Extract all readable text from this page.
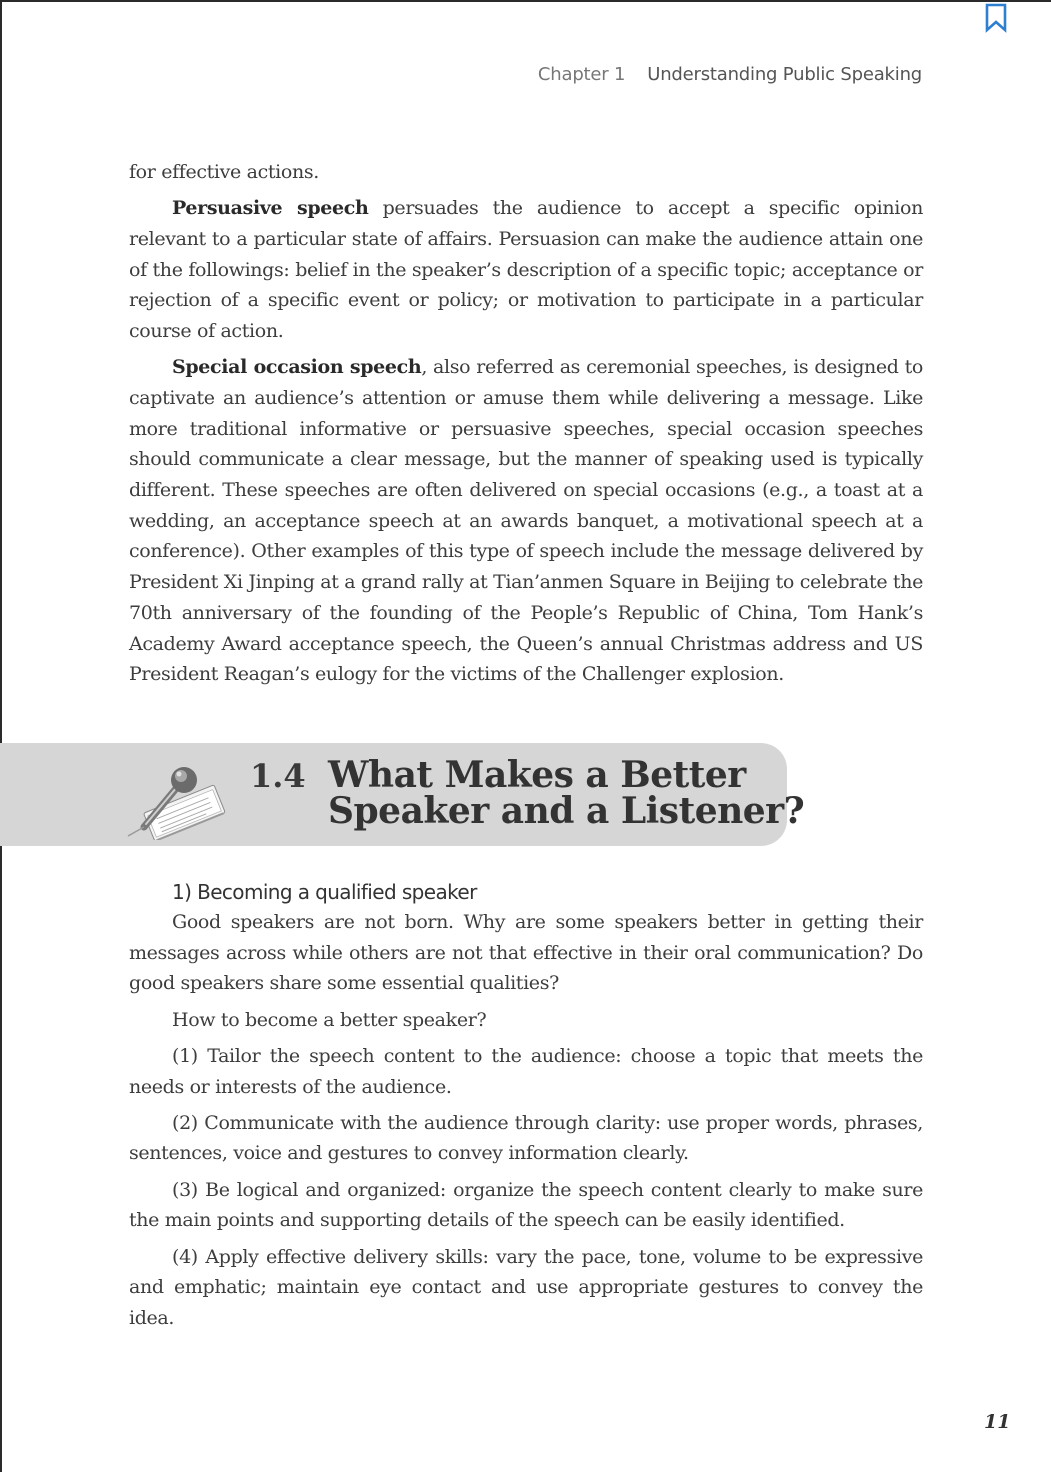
Chapter 1 Understanding Public Speaking

for effective actions.

Persuasive speech persuades the audience to accept a specific opinion relevant to a particular state of affairs. Persuasion can make the audience attain one of the followings: belief in the speaker’s description of a specific topic; acceptance or rejection of a specific event or policy; or motivation to participate in a particular course of action.

Special occasion speech, also referred as ceremonial speeches, is designed to captivate an audience’s attention or amuse them while delivering a message. Like more traditional informative or persuasive speeches, special occasion speeches should communicate a clear message, but the manner of speaking used is typically different. These speeches are often delivered on special occasions (e.g., a toast at a wedding, an acceptance speech at an awards banquet, a motivational speech at a conference). Other examples of this type of speech include the message delivered by President Xi Jinping at a grand rally at Tian’anmen Square in Beijing to celebrate the 70th anniversary of the founding of the People’s Republic of China, Tom Hank’s Academy Award acceptance speech, the Queen’s annual Christmas address and US President Reagan’s eulogy for the victims of the Challenger explosion.

1.4 What Makes a Better
Speaker and a Listener?
1) Becoming a qualified speaker

Good speakers are not born. Why are some speakers better in getting their messages across while others are not that effective in their oral communication? Do good speakers share some essential qualities?

How to become a better speaker?

(1) Tailor the speech content to the audience: choose a topic that meets the needs or interests of the audience.

(2) Communicate with the audience through clarity: use proper words, phrases, sentences, voice and gestures to convey information clearly.

(3) Be logical and organized: organize the speech content clearly to make sure the main points and supporting details of the speech can be easily identified.

(4) Apply effective delivery skills: vary the pace, tone, volume to be expressive and emphatic; maintain eye contact and use appropriate gestures to convey the idea.

11
